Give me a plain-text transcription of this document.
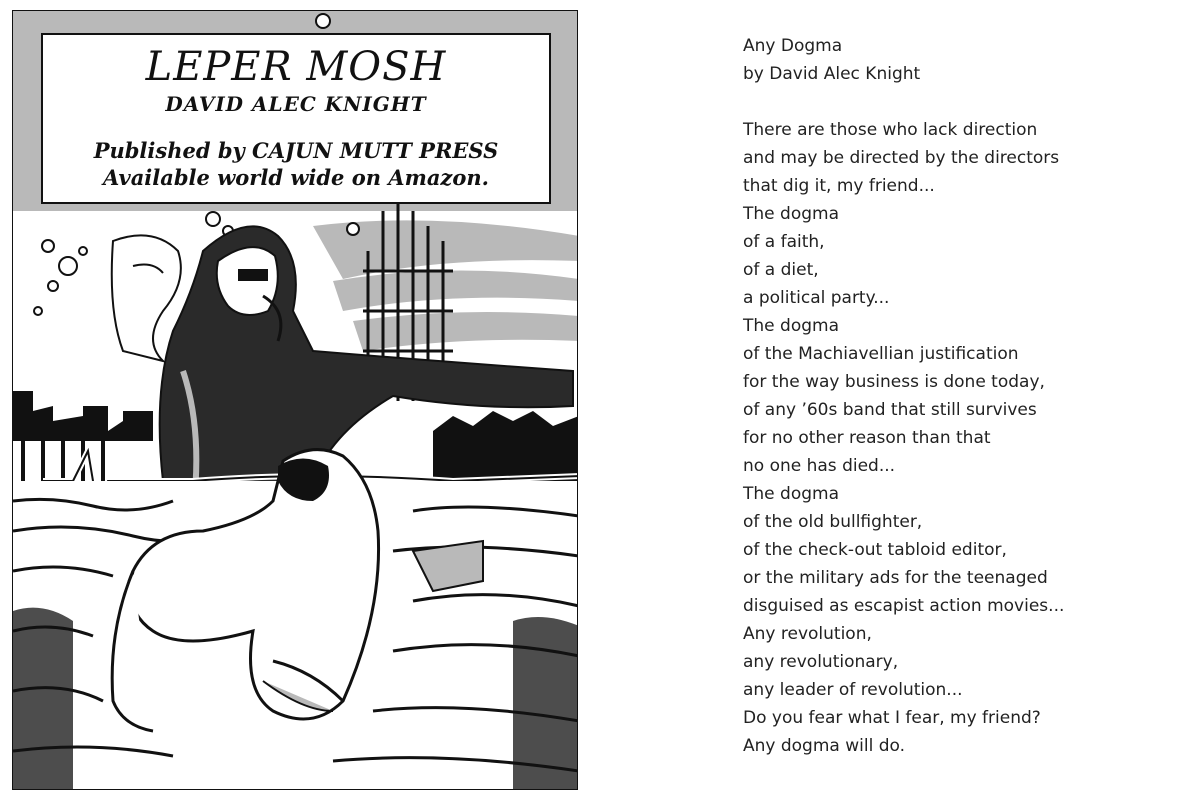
LEPER MOSH
DAVID ALEC KNIGHT
Published by CAJUN MUTT PRESS
Available world wide on Amazon.
Any Dogma
by David Alec Knight
There are those who lack direction
and may be directed by the directors
that dig it, my friend...
The dogma
of a faith,
of a diet,
a political party...
The dogma
of the Machiavellian justification
for the way business is done today,
of any ’60s band that still survives
for no other reason than that
no one has died...
The dogma
of the old bullfighter,
of the check-out tabloid editor,
or the military ads for the teenaged
disguised as escapist action movies...
Any revolution,
any revolutionary,
any leader of revolution...
Do you fear what I fear, my friend?
Any dogma will do.
